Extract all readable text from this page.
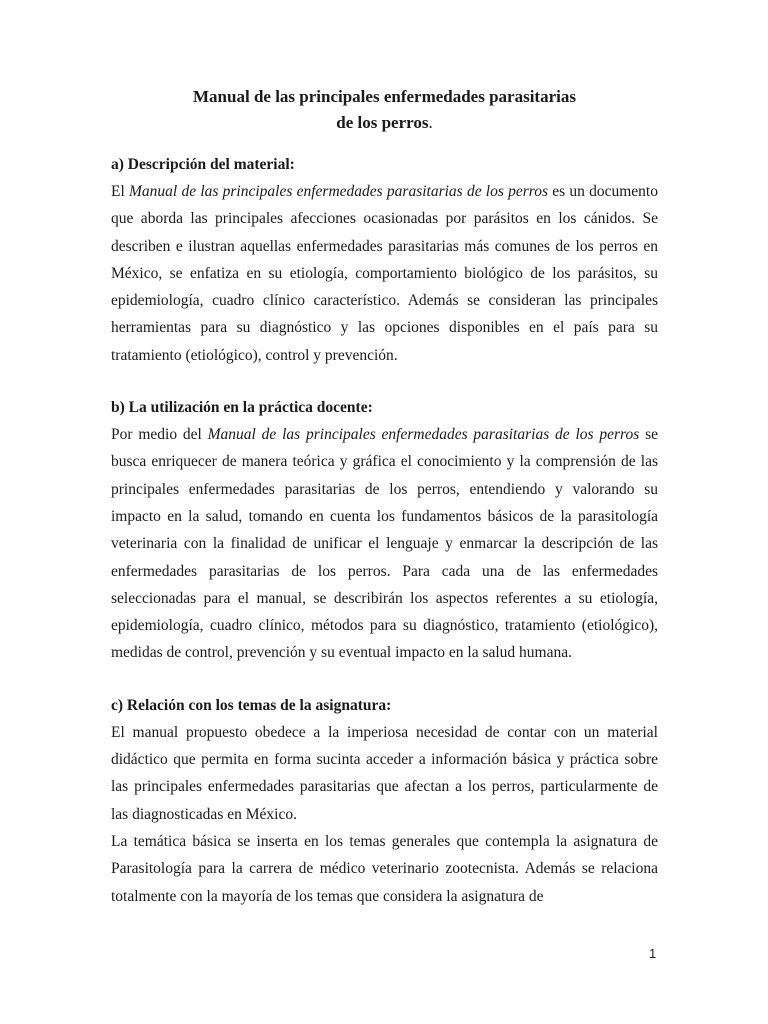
Manual de las principales enfermedades parasitarias
de los perros.

a) Descripción del material:

El Manual de las principales enfermedades parasitarias de los perros es un documento que aborda las principales afecciones ocasionadas por parásitos en los cánidos. Se describen e ilustran aquellas enfermedades parasitarias más comunes de los perros en México, se enfatiza en su etiología, comportamiento biológico de los parásitos, su epidemiología, cuadro clínico característico. Además se consideran las principales herramientas para su diagnóstico y las opciones disponibles en el país para su tratamiento (etiológico), control y prevención.

b) La utilización en la práctica docente:

Por medio del Manual de las principales enfermedades parasitarias de los perros se busca enriquecer de manera teórica y gráfica el conocimiento y la comprensión de las principales enfermedades parasitarias de los perros, entendiendo y valorando su impacto en la salud, tomando en cuenta los fundamentos básicos de la parasitología veterinaria con la finalidad de unificar el lenguaje y enmarcar la descripción de las enfermedades parasitarias de los perros. Para cada una de las enfermedades seleccionadas para el manual, se describirán los aspectos referentes a su etiología, epidemiología, cuadro clínico, métodos para su diagnóstico, tratamiento (etiológico), medidas de control, prevención y su eventual impacto en la salud humana.

c) Relación con los temas de la asignatura:

El manual propuesto obedece a la imperiosa necesidad de contar con un material didáctico que permita en forma sucinta acceder a información básica y práctica sobre las principales enfermedades parasitarias que afectan a los perros, particularmente de las diagnosticadas en México.

La temática básica se inserta en los temas generales que contempla la asignatura de Parasitología para la carrera de médico veterinario zootecnista. Además se relaciona totalmente con la mayoría de los temas que considera la asignatura de

1
